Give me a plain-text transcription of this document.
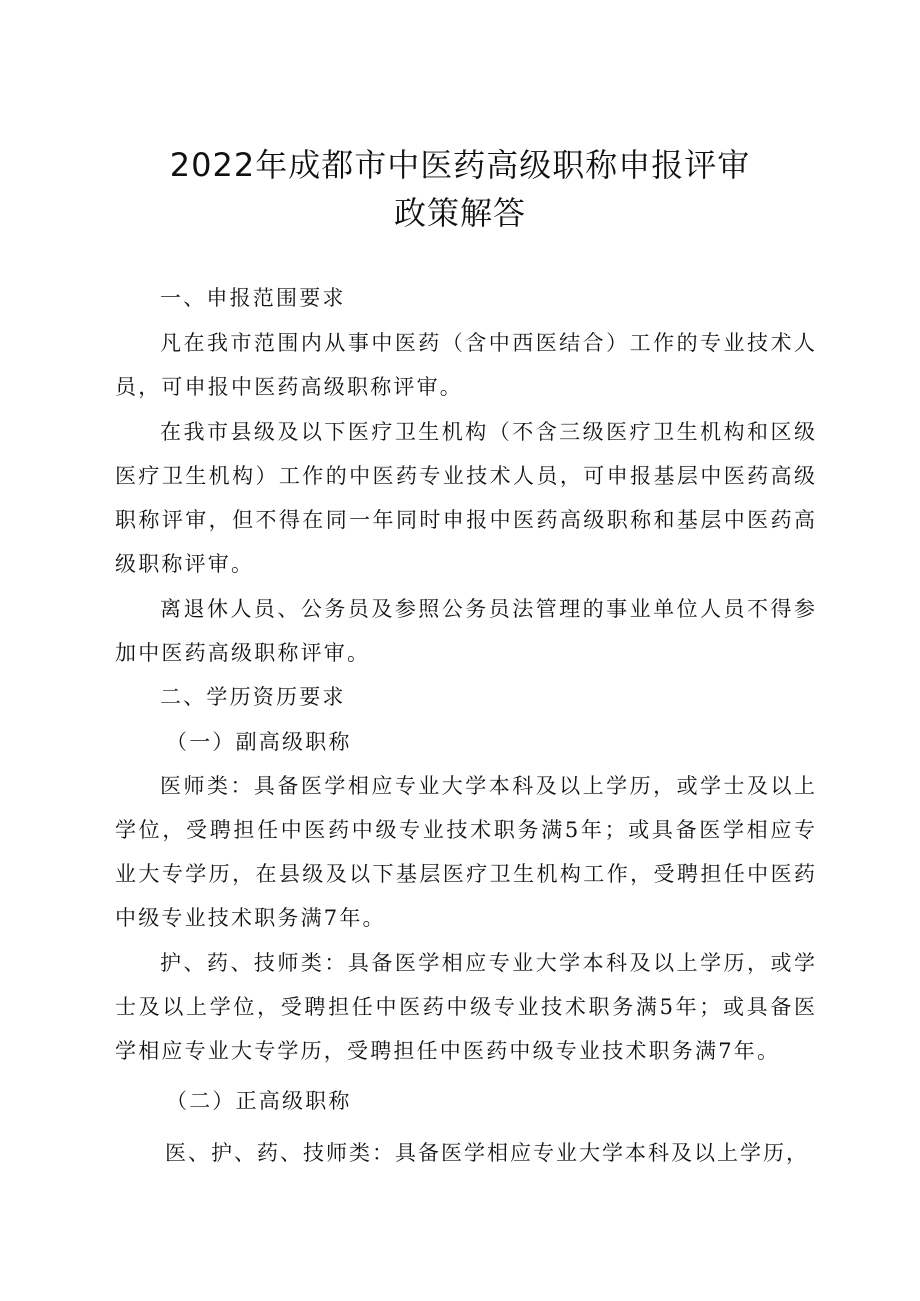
2022年成都市中医药高级职称申报评审
政策解答
一、申报范围要求
凡在我市范围内从事中医药（含中西医结合）工作的专业技术人
员，可申报中医药高级职称评审。
在我市县级及以下医疗卫生机构（不含三级医疗卫生机构和区级
医疗卫生机构）工作的中医药专业技术人员，可申报基层中医药高级
职称评审，但不得在同一年同时申报中医药高级职称和基层中医药高
级职称评审。
离退休人员、公务员及参照公务员法管理的事业单位人员不得参
加中医药高级职称评审。
二、学历资历要求
（一）副高级职称
医师类：具备医学相应专业大学本科及以上学历，或学士及以上
学位，受聘担任中医药中级专业技术职务满5年；或具备医学相应专
业大专学历，在县级及以下基层医疗卫生机构工作，受聘担任中医药
中级专业技术职务满7年。
护、药、技师类：具备医学相应专业大学本科及以上学历，或学
士及以上学位，受聘担任中医药中级专业技术职务满5年；或具备医
学相应专业大专学历，受聘担任中医药中级专业技术职务满7年。
（二）正高级职称
医、护、药、技师类：具备医学相应专业大学本科及以上学历，
